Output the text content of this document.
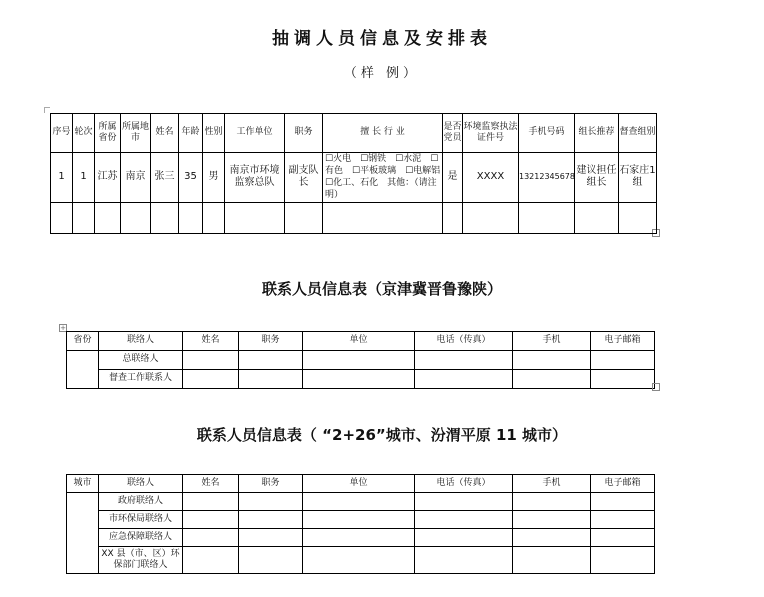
抽调人员信息及安排表
（样 例）
序号	轮次	所属省份	所属地市	姓名	年龄	性别	工作单位	职务	擅 长 行 业	是否党员	环境监察执法证件号	手机号码	组长推荐	督查组别
1	1	江苏	南京	张三	35	男	南京市环境监察总队	副支队长	☐火电　☐钢铁　☐水泥　☐有色　☐平板玻璃　☐电解铝　☐化工、石化　其他：（请注明）	是	XXXX	13212345678	建议担任组长	石家庄1组

联系人员信息表（京津冀晋鲁豫陕）
+
省份	联络人	姓名	职务	单位	电话（传真）	手机	电子邮箱
	总联络人						
	督查工作联系人						
联系人员信息表（ “2+26”城市、汾渭平原 11 城市）
城市	联络人	姓名	职务	单位	电话（传真）	手机	电子邮箱
	政府联络人						
	市环保局联络人						
	应急保障联络人						
	XX 县（市、区）环保部门联络人						
